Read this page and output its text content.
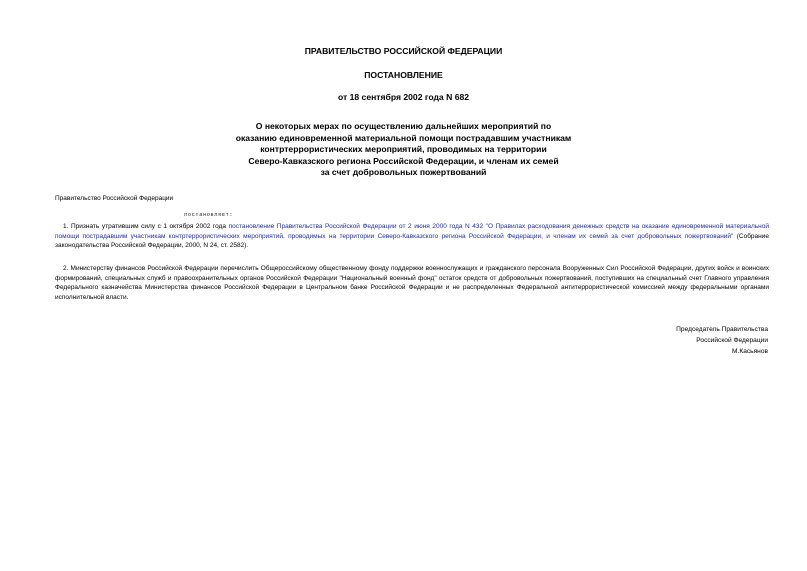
ПРАВИТЕЛЬСТВО РОССИЙСКОЙ ФЕДЕРАЦИИ
ПОСТАНОВЛЕНИЕ
от 18 сентября 2002 года N 682
О некоторых мерах по осуществлению дальнейших мероприятий по
оказанию единовременной материальной помощи пострадавшим участникам
контртеррористических мероприятий, проводимых на территории
Северо-Кавказского региона Российской Федерации, и членам их семей
за счет добровольных пожертвований
Правительство Российской Федерации
постановляет:
1. Признать утратившим силу с 1 октября 2002 года постановление Правительства Российской Федерации от 2 июня 2000 года N 432 "О Правилах расходования денежных средств на оказание единовременной материальной помощи пострадавшим участникам контртеррористических мероприятий, проводимых на территории Северо-Кавказского региона Российской Федерации, и членам их семей за счет добровольных пожертвований" (Собрание законодательства Российской Федерации, 2000, N 24, ст. 2582).
2. Министерству финансов Российской Федерации перечислить Общероссийскому общественному фонду поддержки военнослужащих и гражданского персонала Вооруженных Сил Российской Федерации, других войск и воинских формирований, специальных служб и правоохранительных органов Российской Федерации "Национальный военный фонд" остаток средств от добровольных пожертвований, поступивших на специальный счет Главного управления Федерального казначейства Министерства финансов Российской Федерации в Центральном банке Российской Федерации и не распределенных Федеральной антитеррористической комиссией между федеральными органами исполнительной власти.
Председатель Правительства
Российской Федерации
М.Касьянов
